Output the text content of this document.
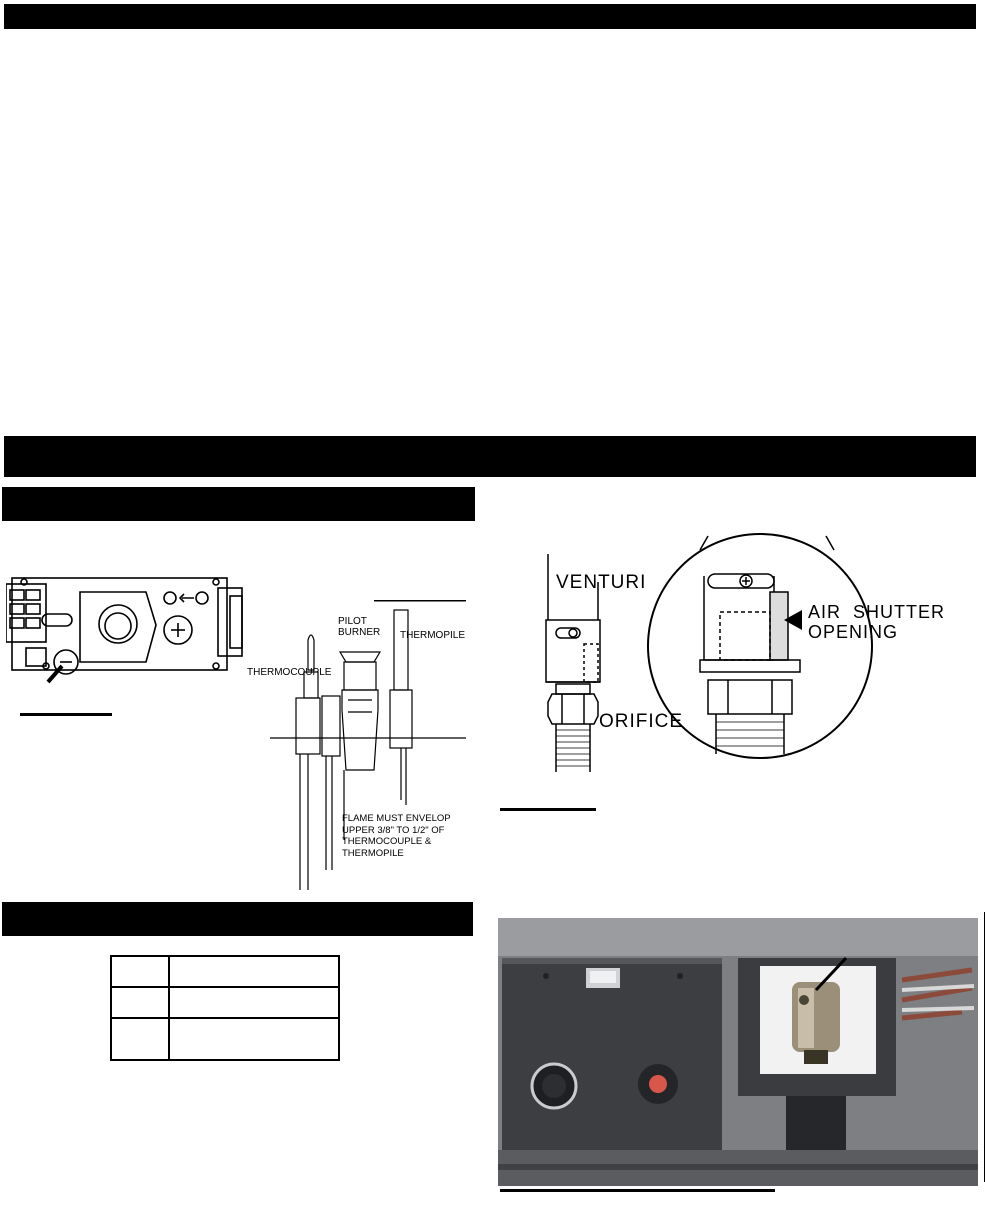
PILOT
BURNER THERMOPILE
THERMOCOUPLE
FLAME MUST ENVELOP
UPPER 3/8" TO 1/2" OF
THERMOCOUPLE &
THERMOPILE
VENTURI
ORIFICE
AIR  SHUTTER
OPENING
